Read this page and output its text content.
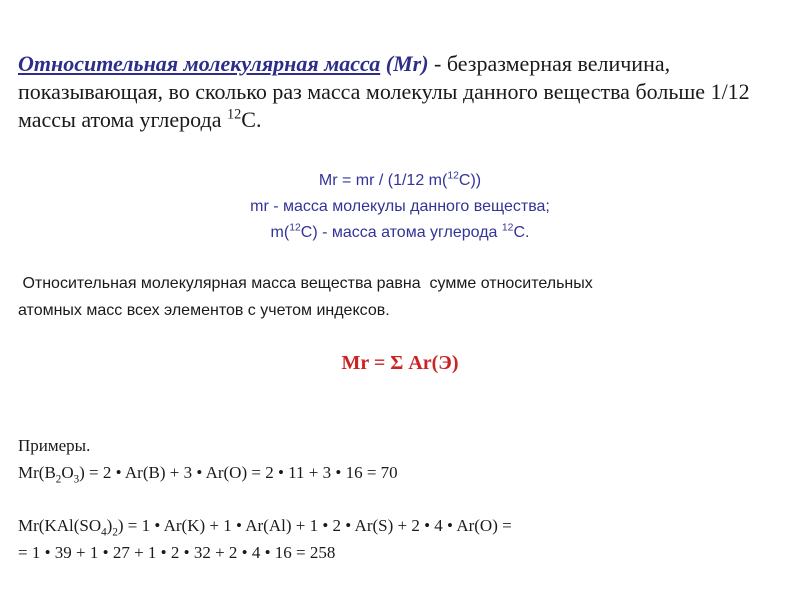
Относительная молекулярная масса (Mr) - безразмерная величина, показывающая, во сколько раз масса молекулы данного вещества больше 1/12 массы атома углерода $^{12}$C.
Mr = mr / (1/12 m($^{12}$C))
mr - масса молекулы данного вещества;
m($^{12}$C) - масса атома углерода $^{12}$C.
Относительная молекулярная масса вещества равна  сумме относительных
атомных масс всех элементов с учетом индексов.
Mr = Σ Ar(Э)
Примеры.
$Mr(B_2O_3) = 2$ • Ar(B) + 3 • Ar(O) = 2 • 11 + 3 • 16 = 70
$Mr(KAl(SO_4)_2) = 1$ • Ar(K) + 1 • Ar(Al) + 1 • 2 • Ar(S) + 2 • 4 • Ar(O) =
= 1 • 39 + 1 • 27 + 1 • 2 • 32 + 2 • 4 • 16 = 258
